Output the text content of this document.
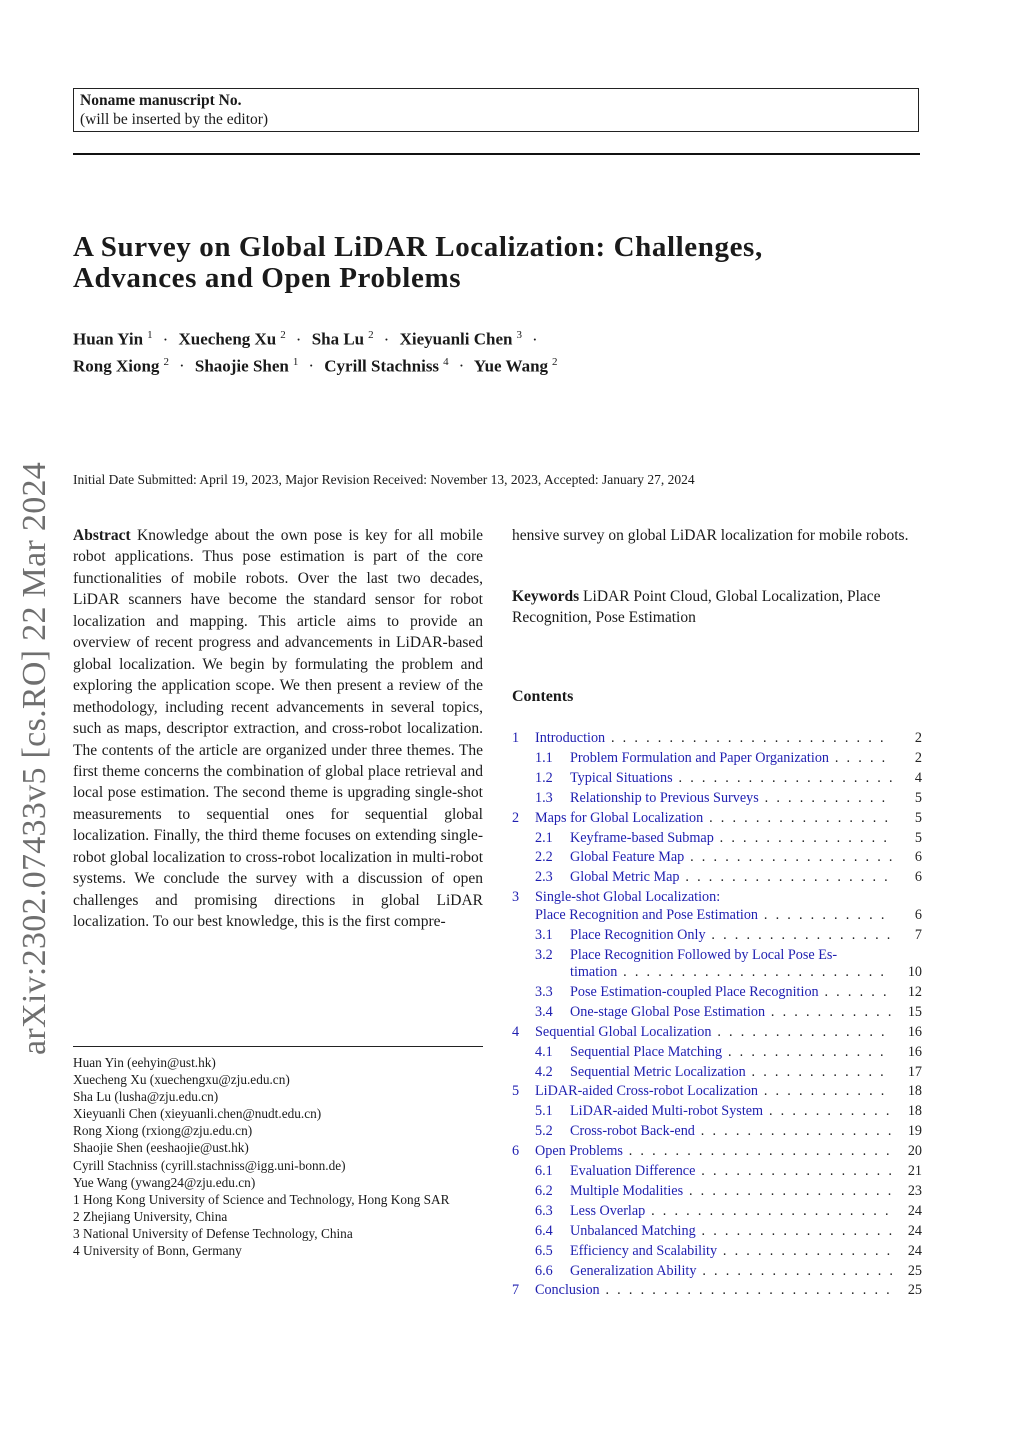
arXiv:2302.07433v5 [cs.RO] 22 Mar 2024
Noname manuscript No.
(will be inserted by the editor)
A Survey on Global LiDAR Localization: Challenges,
Advances and Open Problems
Huan Yin $^1$ · Xuecheng Xu $^2$ · Sha Lu $^2$ · Xieyuanli Chen $^3$ ·
Rong Xiong $^2$ · Shaojie Shen $^1$ · Cyrill Stachniss $^4$ · Yue Wang $^2$
Initial Date Submitted: April 19, 2023, Major Revision Received: November 13, 2023, Accepted: January 27, 2024
Abstract Knowledge about the own pose is key for all mobile robot applications. Thus pose estimation is part of the core functionalities of mobile robots. Over the last two decades, LiDAR scanners have become the standard sensor for robot localization and mapping. This article aims to provide an overview of recent progress and advancements in LiDAR-based global localization. We begin by formulating the problem and exploring the application scope. We then present a review of the methodology, including recent advancements in several topics, such as maps, descriptor extraction, and cross-robot localization. The contents of the article are organized under three themes. The first theme concerns the combination of global place retrieval and local pose estimation. The second theme is upgrading single-shot measurements to sequential ones for sequential global localization. Finally, the third theme focuses on extending single-robot global localization to cross-robot localization in multi-robot systems. We conclude the survey with a discussion of open challenges and promising directions in global LiDAR localization. To our best knowledge, this is the first compre-
Huan Yin (eehyin@ust.hk)
Xuecheng Xu (xuechengxu@zju.edu.cn)
Sha Lu (lusha@zju.edu.cn)
Xieyuanli Chen (xieyuanli.chen@nudt.edu.cn)
Rong Xiong (rxiong@zju.edu.cn)
Shaojie Shen (eeshaojie@ust.hk)
Cyrill Stachniss (cyrill.stachniss@igg.uni-bonn.de)
Yue Wang (ywang24@zju.edu.cn)
1 Hong Kong University of Science and Technology, Hong Kong SAR
2 Zhejiang University, China
3 National University of Defense Technology, China
4 University of Bonn, Germany
hensive survey on global LiDAR localization for mobile robots.
Keywords LiDAR Point Cloud, Global Localization, Place Recognition, Pose Estimation
Contents
1 Introduction . . .	2
1.1 Problem Formulation and Paper Organization . . .	2
1.2 Typical Situations . . .	4
1.3 Relationship to Previous Surveys . . .	5
2 Maps for Global Localization . . .	5
2.1 Keyframe-based Submap . . .	5
2.2 Global Feature Map . . .	6
2.3 Global Metric Map . . .	6
3 Single-shot Global Localization:
Place Recognition and Pose Estimation . . .	6
3.1 Place Recognition Only . . .	7
3.2 Place Recognition Followed by Local Pose Es-
timation . . .	10
3.3 Pose Estimation-coupled Place Recognition . . .	12
3.4 One-stage Global Pose Estimation . . .	15
4 Sequential Global Localization . . .	16
4.1 Sequential Place Matching . . .	16
4.2 Sequential Metric Localization . . .	17
5 LiDAR-aided Cross-robot Localization . . .	18
5.1 LiDAR-aided Multi-robot System . . .	18
5.2 Cross-robot Back-end . . .	19
6 Open Problems . . .	20
6.1 Evaluation Difference . . .	21
6.2 Multiple Modalities . . .	23
6.3 Less Overlap . . .	24
6.4 Unbalanced Matching . . .	24
6.5 Efficiency and Scalability . . .	24
6.6 Generalization Ability . . .	25
7 Conclusion . . .	25
